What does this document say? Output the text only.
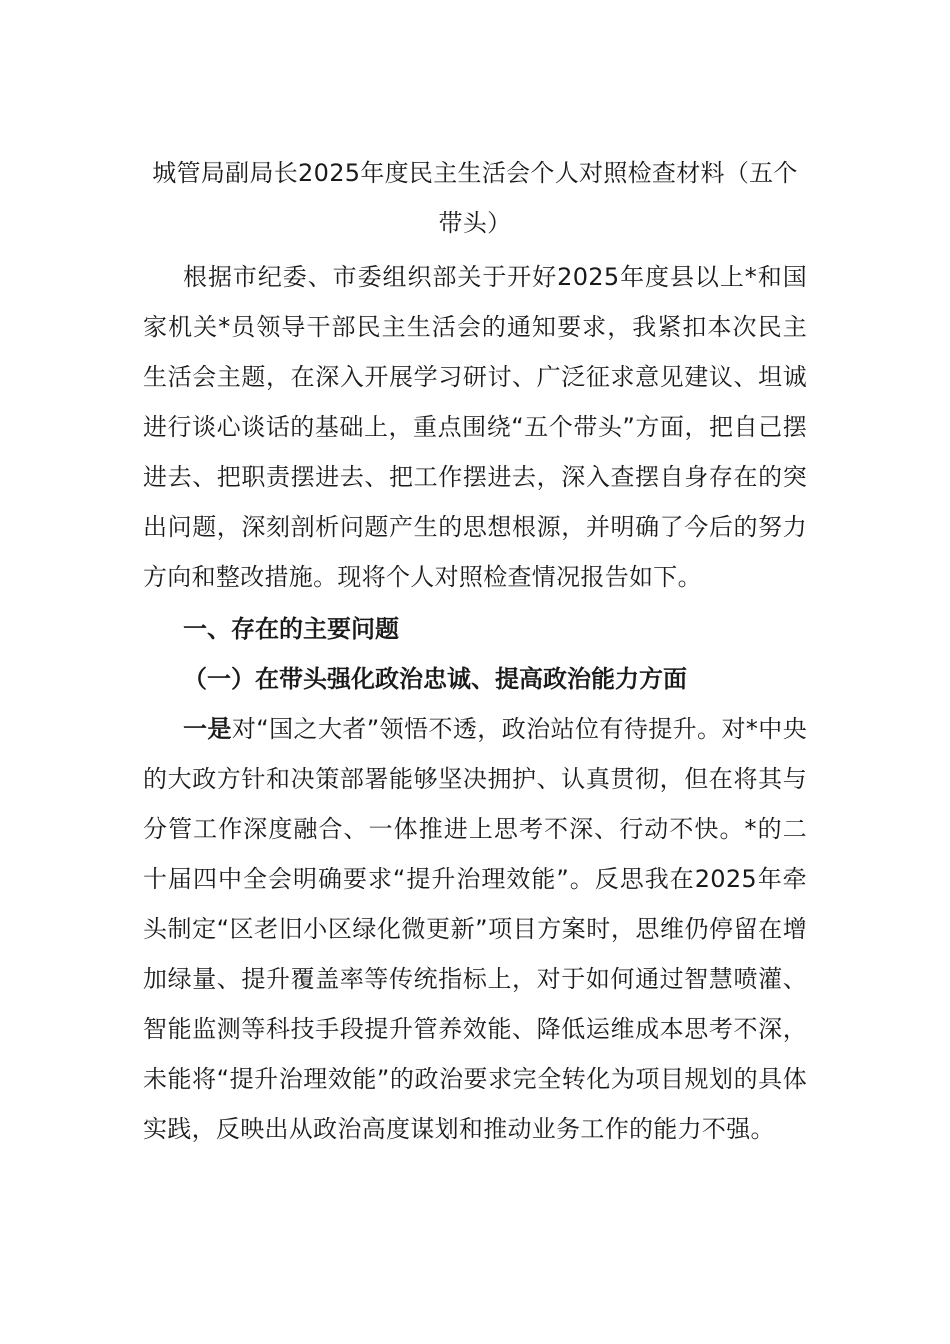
城管局副局长2025年度民主生活会个人对照检查材料（五个带头）

根据市纪委、市委组织部关于开好2025年度县以上*和国家机关*员领导干部民主生活会的通知要求，我紧扣本次民主生活会主题，在深入开展学习研讨、广泛征求意见建议、坦诚进行谈心谈话的基础上，重点围绕“五个带头”方面，把自己摆进去、把职责摆进去、把工作摆进去，深入查摆自身存在的突出问题，深刻剖析问题产生的思想根源，并明确了今后的努力方向和整改措施。现将个人对照检查情况报告如下。

一、存在的主要问题
（一）在带头强化政治忠诚、提高政治能力方面

一是对“国之大者”领悟不透，政治站位有待提升。对*中央的大政方针和决策部署能够坚决拥护、认真贯彻，但在将其与分管工作深度融合、一体推进上思考不深、行动不快。*的二十届四中全会明确要求“提升治理效能”。反思我在2025年牵头制定“区老旧小区绿化微更新”项目方案时，思维仍停留在增加绿量、提升覆盖率等传统指标上，对于如何通过智慧喷灌、智能监测等科技手段提升管养效能、降低运维成本思考不深，未能将“提升治理效能”的政治要求完全转化为项目规划的具体实践，反映出从政治高度谋划和推动业务工作的能力不强。
